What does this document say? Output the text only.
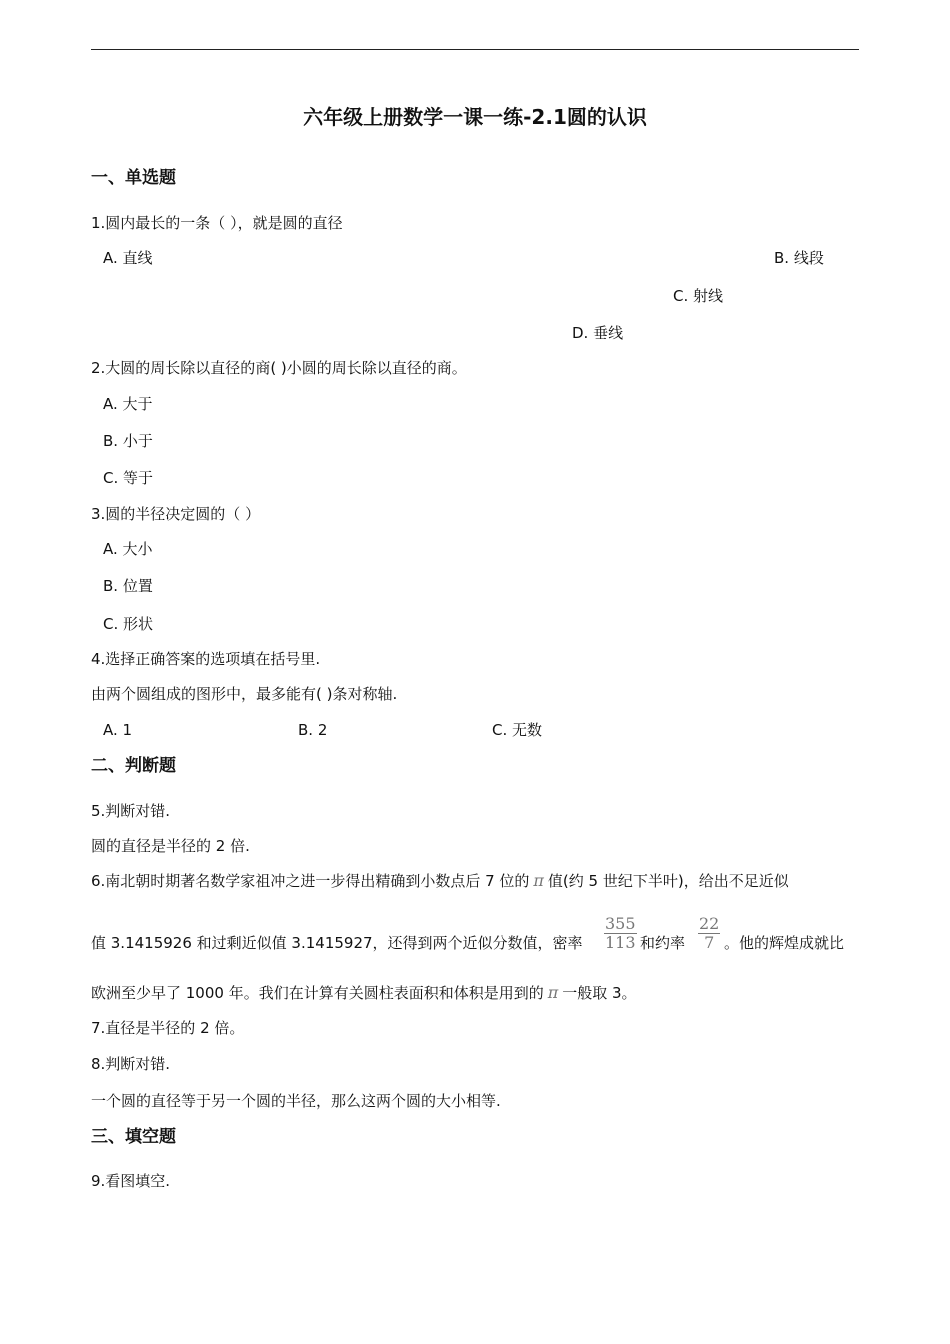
六年级上册数学一课一练-2.1圆的认识
一、单选题
1.圆内最长的一条（ ），就是圆的直径
A. 直线	B. 线段
C. 射线
D. 垂线
2.大圆的周长除以直径的商( )小圆的周长除以直径的商。
A. 大于
B. 小于
C. 等于
3.圆的半径决定圆的（ ）
A. 大小
B. 位置
C. 形状
4.选择正确答案的选项填在括号里.
由两个圆组成的图形中，最多能有( )条对称轴.
A. 1	B. 2	C. 无数
二、判断题
5.判断对错.
圆的直径是半径的 2 倍.
6.南北朝时期著名数学家祖冲之进一步得出精确到小数点后 7 位的 π 值(约 5 世纪下半叶)，给出不足近似
值 3.1415926 和过剩近似值 3.1415927，还得到两个近似分数值，密率 $\frac{355}{113}$ 和约率 $\frac{22}{7}$ 。他的辉煌成就比
欧洲至少早了 1000 年。我们在计算有关圆柱表面积和体积是用到的 π 一般取 3。
7.直径是半径的 2 倍。
8.判断对错.
一个圆的直径等于另一个圆的半径，那么这两个圆的大小相等.
三、填空题
9.看图填空.
